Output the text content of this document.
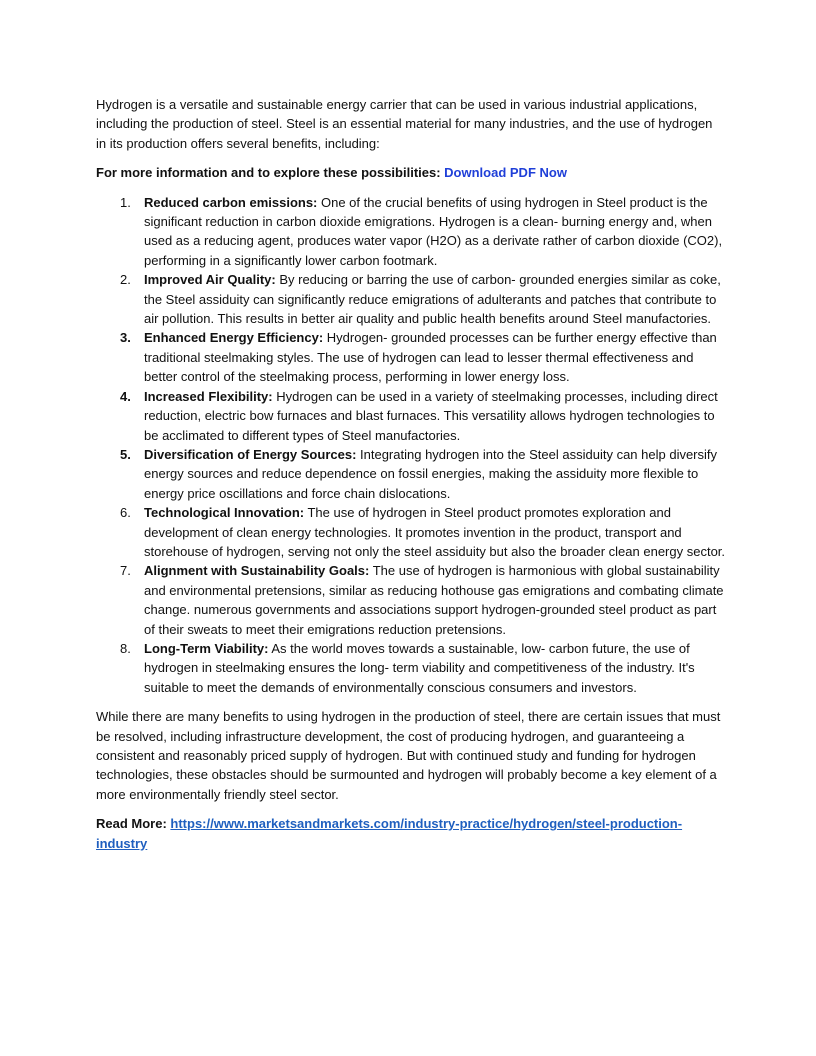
Hydrogen is a versatile and sustainable energy carrier that can be used in various industrial applications, including the production of steel. Steel is an essential material for many industries, and the use of hydrogen in its production offers several benefits, including:

For more information and to explore these possibilities: Download PDF Now

1. Reduced carbon emissions: One of the crucial benefits of using hydrogen in Steel product is the significant reduction in carbon dioxide emigrations. Hydrogen is a clean- burning energy and, when used as a reducing agent, produces water vapor (H2O) as a derivate rather of carbon dioxide (CO2), performing in a significantly lower carbon footmark.
2. Improved Air Quality: By reducing or barring the use of carbon- grounded energies similar as coke, the Steel assiduity can significantly reduce emigrations of adulterants and patches that contribute to air pollution. This results in better air quality and public health benefits around Steel manufactories.
3. Enhanced Energy Efficiency: Hydrogen- grounded processes can be further energy effective than traditional steelmaking styles. The use of hydrogen can lead to lesser thermal effectiveness and better control of the steelmaking process, performing in lower energy loss.
4. Increased Flexibility: Hydrogen can be used in a variety of steelmaking processes, including direct reduction, electric bow furnaces and blast furnaces. This versatility allows hydrogen technologies to be acclimated to different types of Steel manufactories.
5. Diversification of Energy Sources: Integrating hydrogen into the Steel assiduity can help diversify energy sources and reduce dependence on fossil energies, making the assiduity more flexible to energy price oscillations and force chain dislocations.
6. Technological Innovation: The use of hydrogen in Steel product promotes exploration and development of clean energy technologies. It promotes invention in the product, transport and storehouse of hydrogen, serving not only the steel assiduity but also the broader clean energy sector.
7. Alignment with Sustainability Goals: The use of hydrogen is harmonious with global sustainability and environmental pretensions, similar as reducing hothouse gas emigrations and combating climate change. numerous governments and associations support hydrogen-grounded steel product as part of their sweats to meet their emigrations reduction pretensions.
8. Long-Term Viability: As the world moves towards a sustainable, low- carbon future, the use of hydrogen in steelmaking ensures the long- term viability and competitiveness of the industry. It's suitable to meet the demands of environmentally conscious consumers and investors.

While there are many benefits to using hydrogen in the production of steel, there are certain issues that must be resolved, including infrastructure development, the cost of producing hydrogen, and guaranteeing a consistent and reasonably priced supply of hydrogen. But with continued study and funding for hydrogen technologies, these obstacles should be surmounted and hydrogen will probably become a key element of a more environmentally friendly steel sector.

Read More: https://www.marketsandmarkets.com/industry-practice/hydrogen/steel-production-industry
